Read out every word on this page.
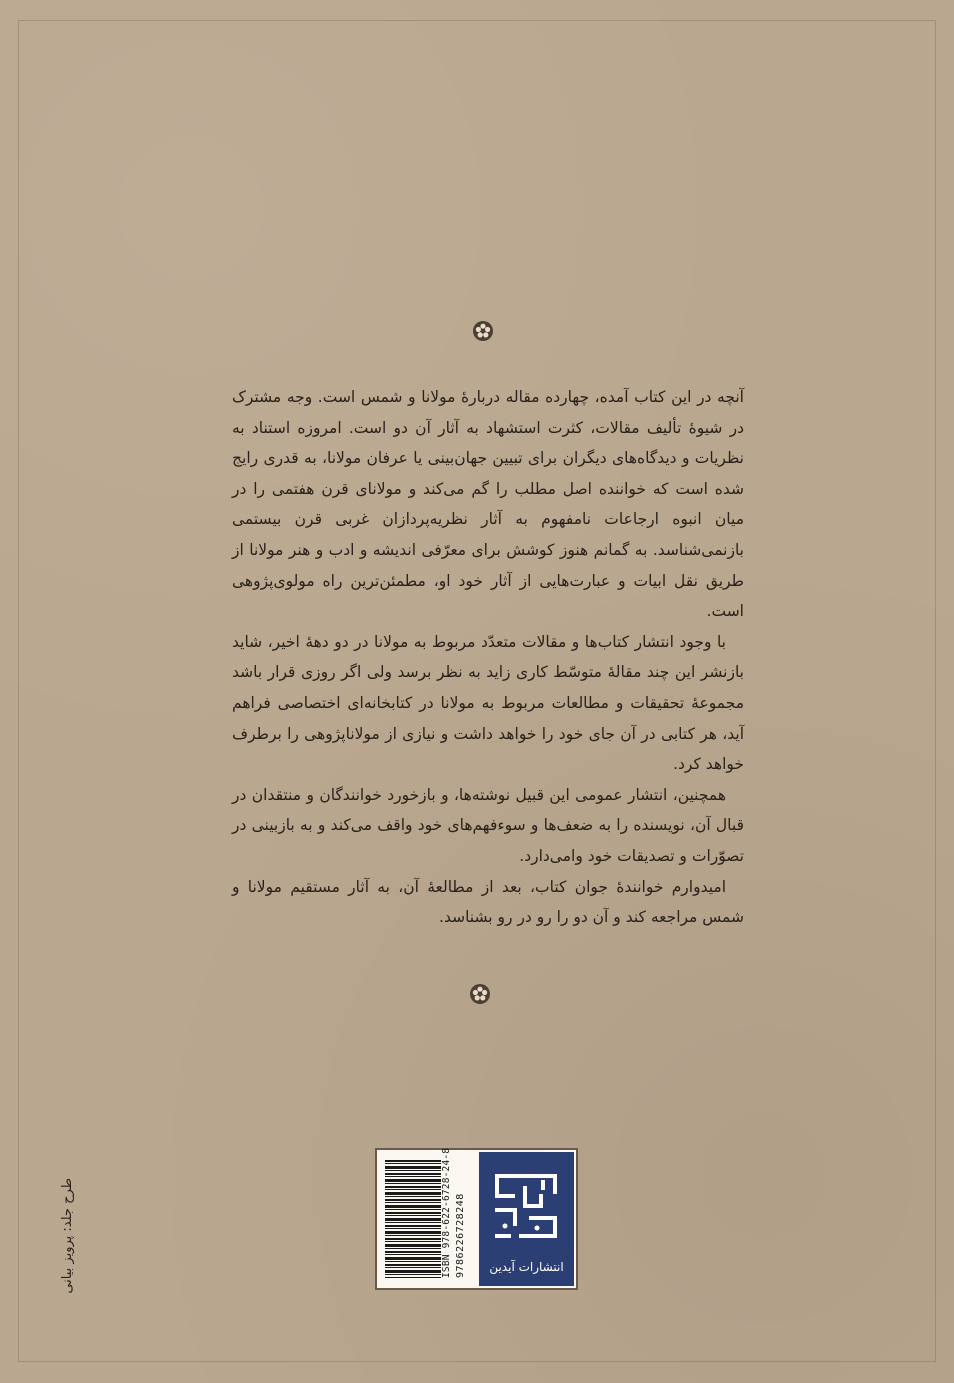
آنچه در این کتاب آمده، چهارده مقاله دربارهٔ مولانا و شمس است. وجه مشترک در شیوهٔ تألیف مقالات، کثرت استشهاد به آثار آن دو است. امروزه استناد به نظریات و دیدگاه‌های دیگران برای تبیین جهان‌بینی یا عرفان مولانا، به قدری رایج شده است که خواننده اصل مطلب را گم می‌کند و مولانای قرن هفتمی را در میان انبوه ارجاعات نامفهوم به آثار نظریه‌پردازان غربی قرن بیستمی بازنمی‌شناسد. به گمانم هنوز کوشش برای معرّفی اندیشه و ادب و هنر مولانا از طریق نقل ابیات و عبارت‌هایی از آثار خود او، مطمئن‌ترین راه مولوی‌پژوهی است.

با وجود انتشار کتاب‌ها و مقالات متعدّد مربوط به مولانا در دو دههٔ اخیر، شاید بازنشر این چند مقالهٔ متوسّط کاری زاید به نظر برسد ولی اگر روزی قرار باشد مجموعهٔ تحقیقات و مطالعات مربوط به مولانا در کتابخانه‌ای اختصاصی فراهم آید، هر کتابی در آن جای خود را خواهد داشت و نیازی از مولاناپژوهی را برطرف خواهد کرد.

همچنین، انتشار عمومی این قبیل نوشته‌ها، و بازخورد خوانندگان و منتقدان در قبال آن، نویسنده را به ضعف‌ها و سوءفهم‌های خود واقف می‌کند و به بازبینی در تصوّرات و تصدیقات خود وامی‌دارد.

امیدوارم خوانندهٔ جوان کتاب، بعد از مطالعهٔ آن، به آثار مستقیم مولانا و شمس مراجعه کند و آن دو را رو در رو بشناسد.

ISBN 978-622-6728-24-8 9786226728248	انتشارات آیدین
طرح جلد: پرویز بیانی
